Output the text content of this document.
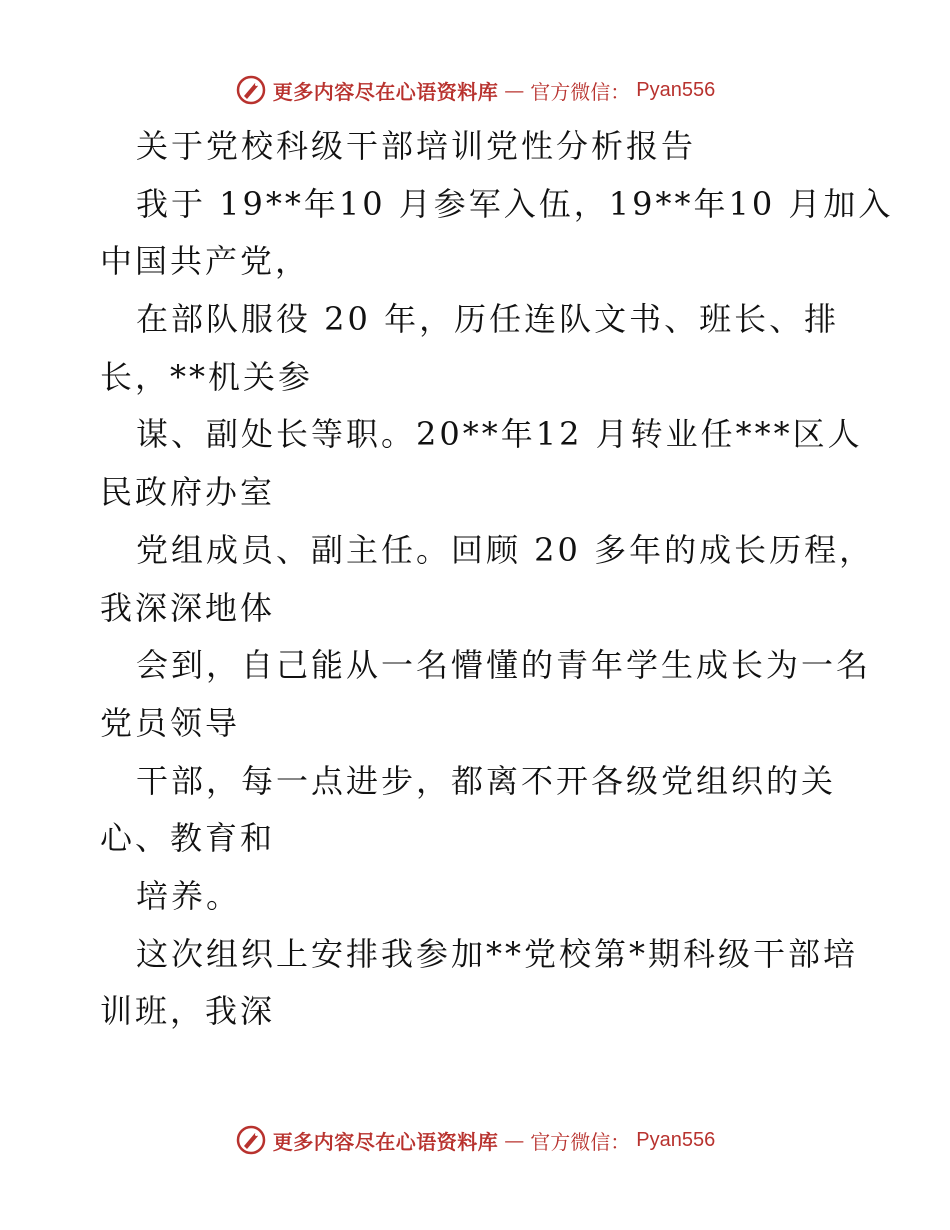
更多内容尽在心语资料库 — 官方微信： Pyan556
关于党校科级干部培训党性分析报告
我于 19**年10 月参军入伍，19**年10 月加入
中国共产党，
在部队服役 20 年，历任连队文书、班长、排
长，**机关参
谋、副处长等职。20**年12 月转业任***区人
民政府办室
党组成员、副主任。回顾 20 多年的成长历程，
我深深地体
会到，自己能从一名懵懂的青年学生成长为一名
党员领导
干部，每一点进步，都离不开各级党组织的关
心、教育和
培养。
这次组织上安排我参加**党校第*期科级干部培
训班，我深
更多内容尽在心语资料库 — 官方微信： Pyan556
